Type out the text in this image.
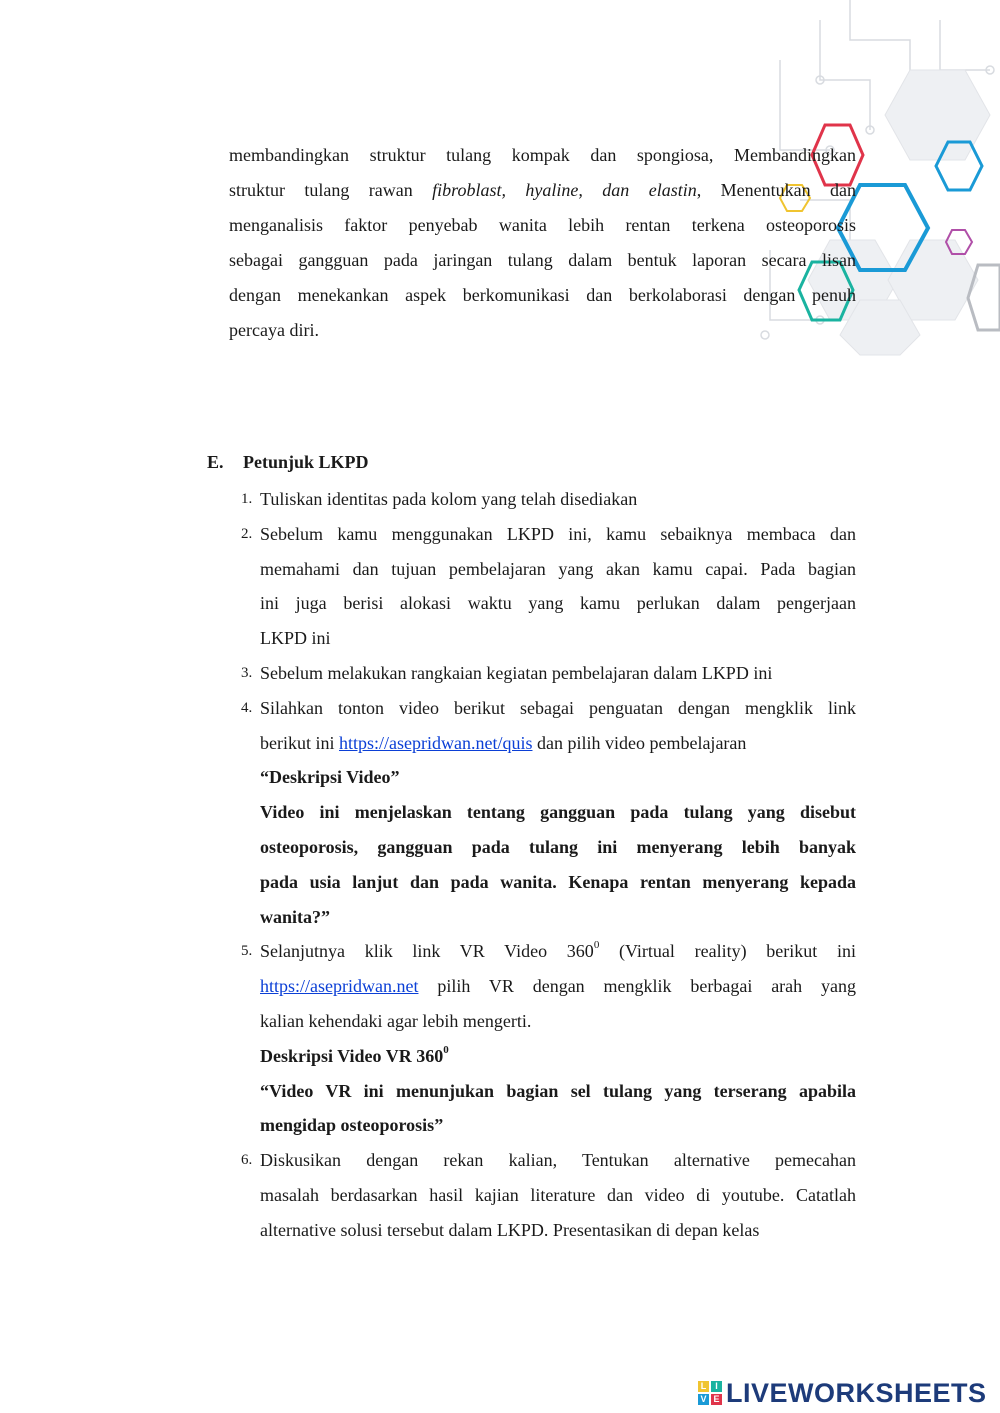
membandingkan struktur tulang kompak dan spongiosa, Membandingkan
struktur tulang rawan fibroblast, hyaline, dan elastin, Menentukan dan
menganalisis faktor penyebab wanita lebih rentan terkena osteoporosis
sebagai gangguan pada jaringan tulang dalam bentuk laporan secara lisan
dengan menekankan aspek berkomunikasi dan berkolaborasi dengan penuh
percaya diri.
E. Petunjuk LKPD
1. Tuliskan identitas pada kolom yang telah disediakan
2. Sebelum kamu menggunakan LKPD ini, kamu sebaiknya membaca dan
memahami dan tujuan pembelajaran yang akan kamu capai. Pada bagian
ini juga berisi alokasi waktu yang kamu perlukan dalam pengerjaan
LKPD ini
3. Sebelum melakukan rangkaian kegiatan pembelajaran dalam LKPD ini
4. Silahkan tonton video berikut sebagai penguatan dengan mengklik link
berikut ini https://asepridwan.net/quis dan pilih video pembelajaran
“Deskripsi Video”
Video ini menjelaskan tentang gangguan pada tulang yang disebut
osteoporosis, gangguan pada tulang ini menyerang lebih banyak
pada usia lanjut dan pada wanita. Kenapa rentan menyerang kepada
wanita?”
5. Selanjutnya klik link VR Video $360^0$ (Virtual reality) berikut ini
https://asepridwan.net pilih VR dengan mengklik berbagai arah yang
kalian kehendaki agar lebih mengerti.
Deskripsi Video VR $360^0$
“Video VR ini menunjukan bagian sel tulang yang terserang apabila
mengidap osteoporosis”
6. Diskusikan dengan rekan kalian, Tentukan alternative pemecahan
masalah berdasarkan hasil kajian literature dan video di youtube. Catatlah
alternative solusi tersebut dalam LKPD. Presentasikan di depan kelas
L I
V E LIVEWORKSHEETS
